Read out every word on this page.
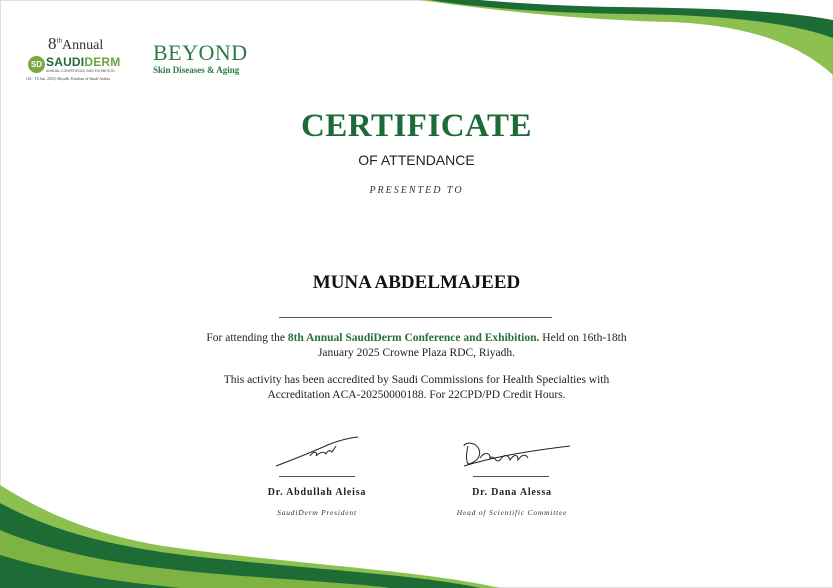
8th Annual
SD SAUDIDERM
ANNUAL CONFERENCE AND EXHIBITION
(16 - 18 Jan, 2025) Riyadh, Kindom of Saudi Arabia
BEYOND
Skin Diseases & Aging
CERTIFICATE
OF ATTENDANCE
PRESENTED TO
MUNA ABDELMAJEED
For attending the 8th Annual SaudiDerm Conference and Exhibition. Held on 16th-18th January 2025 Crowne Plaza RDC, Riyadh.
This activity has been accredited by Saudi Commissions for Health Specialties with Accreditation ACA-20250000188. For 22CPD/PD Credit Hours.
Dr. Abdullah Aleisa
SaudiDerm President
Dr. Dana Alessa
Head of Scientific Committee
